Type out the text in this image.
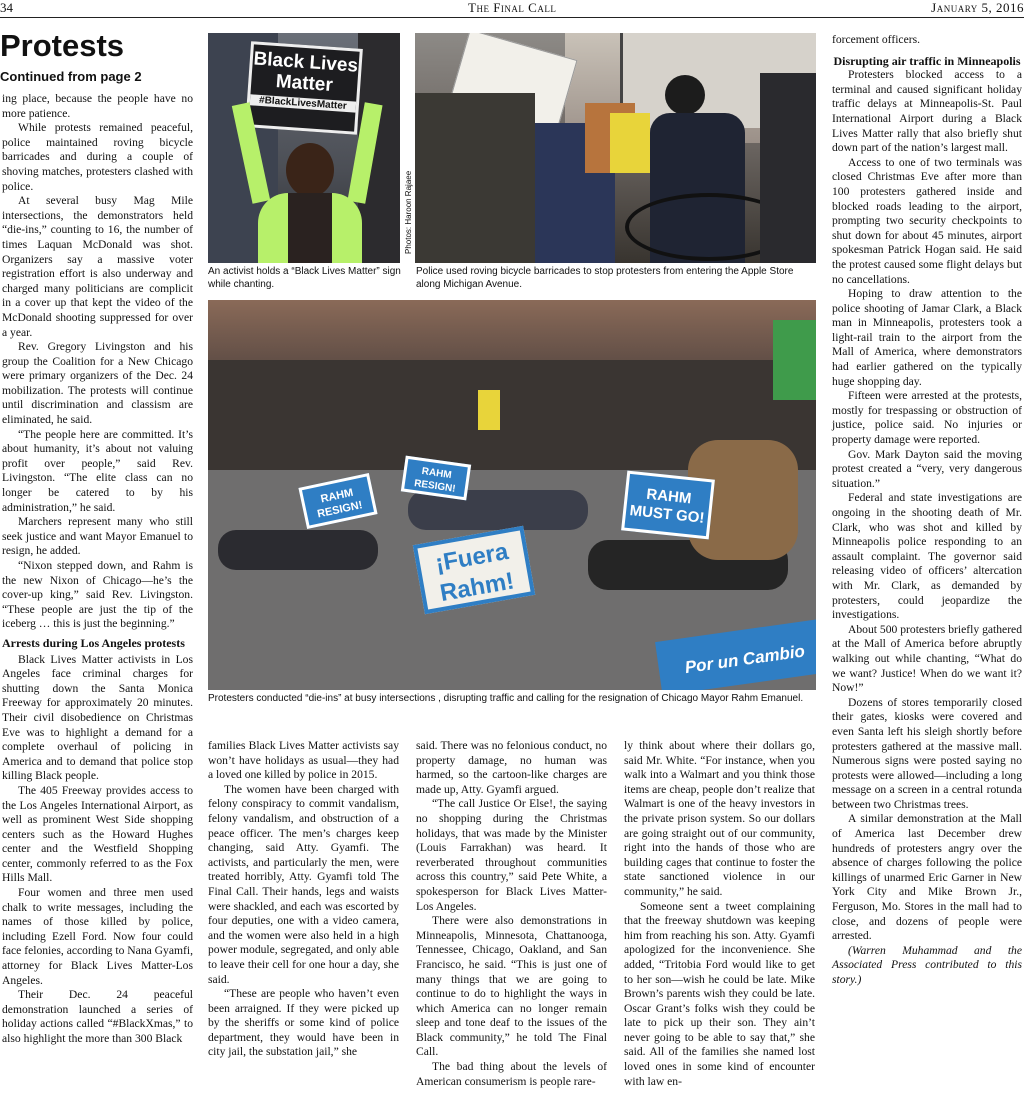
34	The Final Call	January 5, 2016
Protests
Continued from page 2

ing place, because the people have no more patience.

While protests remained peaceful, police maintained roving bicycle barricades and during a couple of shoving matches, protesters clashed with police.

At several busy Mag Mile intersections, the demonstrators held “die-ins,” counting to 16, the number of times Laquan McDonald was shot. Organizers say a massive voter registration effort is also underway and charged many politicians are complicit in a cover up that kept the video of the McDonald shooting suppressed for over a year.

Rev. Gregory Livingston and his group the Coalition for a New Chicago were primary organizers of the Dec. 24 mobilization. The protests will continue until discrimination and classism are eliminated, he said.

“The people here are committed. It’s about humanity, it’s about not valuing profit over people,” said Rev. Livingston. “The elite class can no longer be catered to by his administration,” he said.

Marchers represent many who still seek justice and want Mayor Emanuel to resign, he added.

“Nixon stepped down, and Rahm is the new Nixon of Chicago—he’s the cover-up king,” said Rev. Livingston. “These people are just the tip of the iceberg … this is just the beginning.”

Arrests during Los Angeles protests

Black Lives Matter activists in Los Angeles face criminal charges for shutting down the Santa Monica Freeway for approximately 20 minutes. Their civil disobedience on Christmas Eve was to highlight a demand for a complete overhaul of policing in America and to demand that police stop killing Black people.

The 405 Freeway provides access to the Los Angeles International Airport, as well as prominent West Side shopping centers such as the Howard Hughes center and the Westfield Shopping center, commonly referred to as the Fox Hills Mall.

Four women and three men used chalk to write messages, including the names of those killed by police, including Ezell Ford. Now four could face felonies, according to Nana Gyamfi, attorney for Black Lives Matter-Los Angeles.

Their Dec. 24 peaceful demonstration launched a series of holiday actions called “#BlackXmas,” to also highlight the more than 300 Black

Black Lives
Matter
#BlackLivesMatter
Photos: Haroon Rajaee
An activist holds a “Black Lives Matter” sign while chanting.
Police used roving bicycle barricades to stop protesters from entering the Apple Store along Michigan Avenue.
¡Fuera Rahm!
RAHM MUST GO!
RAHM RESIGN!
RAHM RESIGN!
Por un Cambio
Protesters conducted “die-ins” at busy intersections , disrupting traffic and calling for the resignation of Chicago Mayor Rahm Emanuel.

families Black Lives Matter activists say won’t have holidays as usual—they had a loved one killed by police in 2015.

The women have been charged with felony conspiracy to commit vandalism, felony vandalism, and obstruction of a peace officer. The men’s charges keep changing, said Atty. Gyamfi. The activists, and particularly the men, were treated horribly, Atty. Gyamfi told The Final Call. Their hands, legs and waists were shackled, and each was escorted by four deputies, one with a video camera, and the women were also held in a high power module, segregated, and only able to leave their cell for one hour a day, she said.

“These are people who haven’t even been arraigned. If they were picked up by the sheriffs or some kind of police department, they would have been in city jail, the substation jail,” she

said. There was no felonious conduct, no property damage, no human was harmed, so the cartoon-like charges are made up, Atty. Gyamfi argued.

“The call Justice Or Else!, the saying no shopping during the Christmas holidays, that was made by the Minister (Louis Farrakhan) was heard. It reverberated throughout communities across this country,” said Pete White, a spokesperson for Black Lives Matter-Los Angeles.

There were also demonstrations in Minneapolis, Minnesota, Chattanooga, Tennessee, Chicago, Oakland, and San Francisco, he said. “This is just one of many things that we are going to continue to do to highlight the ways in which America can no longer remain sleep and tone deaf to the issues of the Black community,” he told The Final Call.

The bad thing about the levels of American consumerism is people rare-

ly think about where their dollars go, said Mr. White. “For instance, when you walk into a Walmart and you think those items are cheap, people don’t realize that Walmart is one of the heavy investors in the private prison system. So our dollars are going straight out of our community, right into the hands of those who are building cages that continue to foster the state sanctioned violence in our community,” he said.

Someone sent a tweet complaining that the freeway shutdown was keeping him from reaching his son. Atty. Gyamfi apologized for the inconvenience. She added, “Tritobia Ford would like to get to her son—wish he could be late. Mike Brown’s parents wish they could be late. Oscar Grant’s folks wish they could be late to pick up their son. They ain’t never going to be able to say that,” she said. All of the families she named lost loved ones in some kind of encounter with law en-

forcement officers.

Disrupting air traffic in Minneapolis

Protesters blocked access to a terminal and caused significant holiday traffic delays at Minneapolis-St. Paul International Airport during a Black Lives Matter rally that also briefly shut down part of the nation’s largest mall.

Access to one of two terminals was closed Christmas Eve after more than 100 protesters gathered inside and blocked roads leading to the airport, prompting two security checkpoints to shut down for about 45 minutes, airport spokesman Patrick Hogan said. He said the protest caused some flight delays but no cancellations.

Hoping to draw attention to the police shooting of Jamar Clark, a Black man in Minneapolis, protesters took a light-rail train to the airport from the Mall of America, where demonstrators had earlier gathered on the typically huge shopping day.

Fifteen were arrested at the protests, mostly for trespassing or obstruction of justice, police said. No injuries or property damage were reported.

Gov. Mark Dayton said the moving protest created a “very, very dangerous situation.”

Federal and state investigations are ongoing in the shooting death of Mr. Clark, who was shot and killed by Minneapolis police responding to an assault complaint. The governor said releasing video of officers’ altercation with Mr. Clark, as demanded by protesters, could jeopardize the investigations.

About 500 protesters briefly gathered at the Mall of America before abruptly walking out while chanting, “What do we want? Justice! When do we want it? Now!”

Dozens of stores temporarily closed their gates, kiosks were covered and even Santa left his sleigh shortly before protesters gathered at the massive mall. Numerous signs were posted saying no protests were allowed—including a long message on a screen in a central rotunda between two Christmas trees.

A similar demonstration at the Mall of America last December drew hundreds of protesters angry over the absence of charges following the police killings of unarmed Eric Garner in New York City and Mike Brown Jr., Ferguson, Mo. Stores in the mall had to close, and dozens of people were arrested.

(Warren Muhammad and the Associated Press contributed to this story.)
